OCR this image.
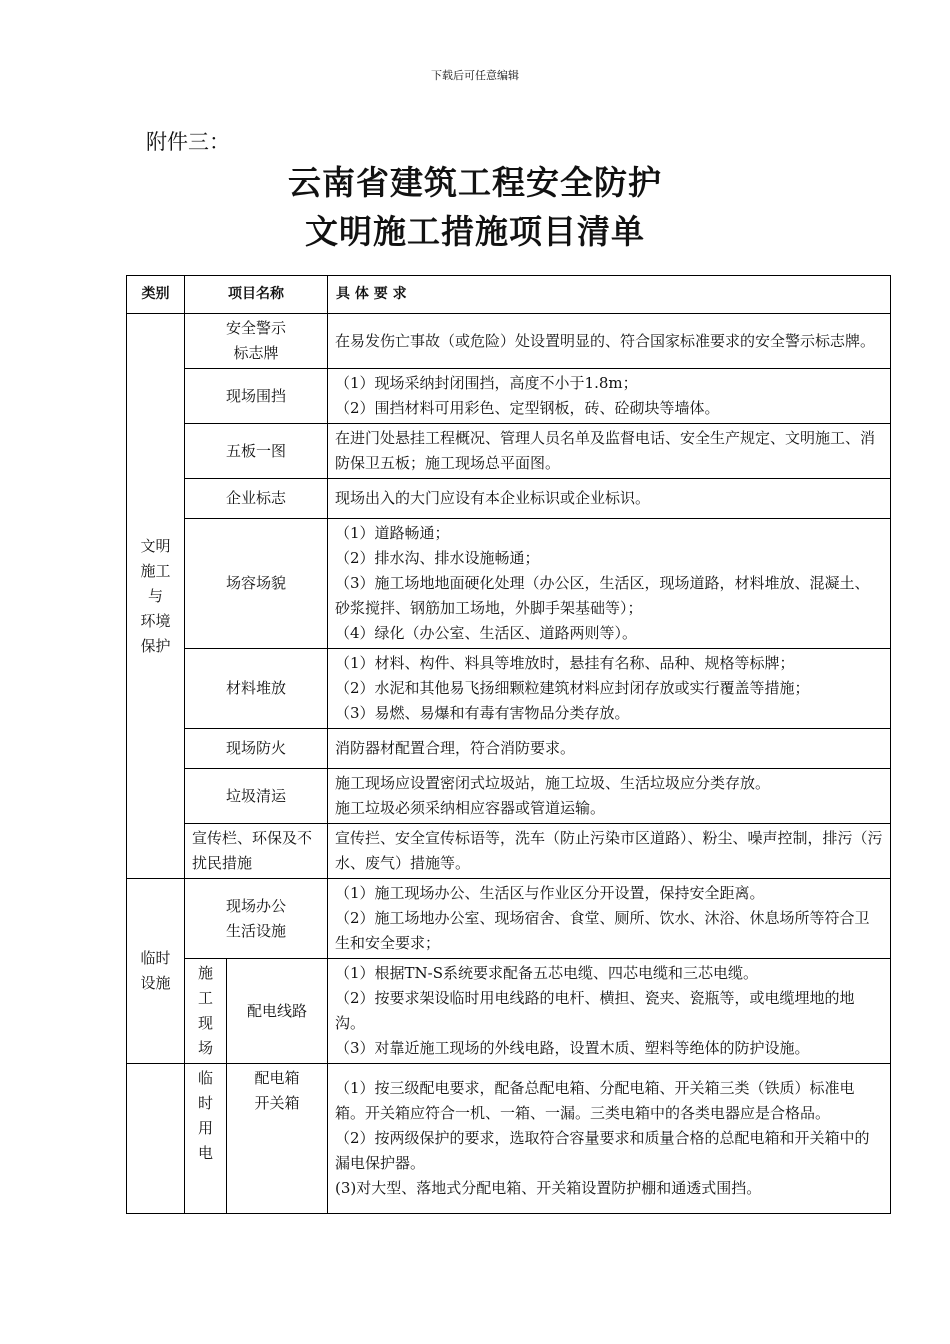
下载后可任意编辑
附件三：
云南省建筑工程安全防护
文明施工措施项目清单
类别	项目名称		具 体 要 求

文明
施工
与
环境
保护	安全警示
标志牌		在易发伤亡事故（或危险）处设置明显的、符合国家标准要求的安全警示标志牌。

	现场围挡		（1）现场采纳封闭围挡，高度不小于1.8m；
（2）围挡材料可用彩色、定型钢板，砖、砼砌块等墙体。

	五板一图		在进门处悬挂工程概况、管理人员名单及监督电话、安全生产规定、文明施工、消防保卫五板；施工现场总平面图。

	企业标志		现场出入的大门应设有本企业标识或企业标识。

	场容场貌		（1）道路畅通；
（2）排水沟、排水设施畅通；
（3）施工场地地面硬化处理（办公区，生活区，现场道路，材料堆放、混凝土、砂浆搅拌、钢筋加工场地，外脚手架基础等）；
（4）绿化（办公室、生活区、道路两则等）。

	材料堆放		（1）材料、构件、料具等堆放时，悬挂有名称、品种、规格等标牌；
（2）水泥和其他易飞扬细颗粒建筑材料应封闭存放或实行覆盖等措施；
（3）易燃、易爆和有毒有害物品分类存放。

	现场防火		消防器材配置合理，符合消防要求。

	垃圾清运		施工现场应设置密闭式垃圾站，施工垃圾、生活垃圾应分类存放。
施工垃圾必须采纳相应容器或管道运输。

	宣传栏、环保及不扰民措施		宣传拦、安全宣传标语等，洗车（防止污染市区道路）、粉尘、噪声控制，排污（污水、废气）措施等。

临时
设施	现场办公
生活设施		（1）施工现场办公、生活区与作业区分开设置，保持安全距离。
（2）施工场地办公室、现场宿舍、食堂、厕所、饮水、沐浴、休息场所等符合卫生和安全要求；

	施
工
现
场	配电线路	（1）根据TN-S系统要求配备五芯电缆、四芯电缆和三芯电缆。
（2）按要求架设临时用电线路的电杆、横担、瓷夹、瓷瓶等，或电缆埋地的地沟。
（3）对靠近施工现场的外线电路，设置木质、塑料等绝体的防护设施。

	临
时
用
电	配电箱
开关箱	（1）按三级配电要求，配备总配电箱、分配电箱、开关箱三类（铁质）标准电箱。开关箱应符合一机、一箱、一漏。三类电箱中的各类电器应是合格品。
（2）按两级保护的要求，选取符合容量要求和质量合格的总配电箱和开关箱中的漏电保护器。
(3)对大型、落地式分配电箱、开关箱设置防护棚和通透式围挡。
